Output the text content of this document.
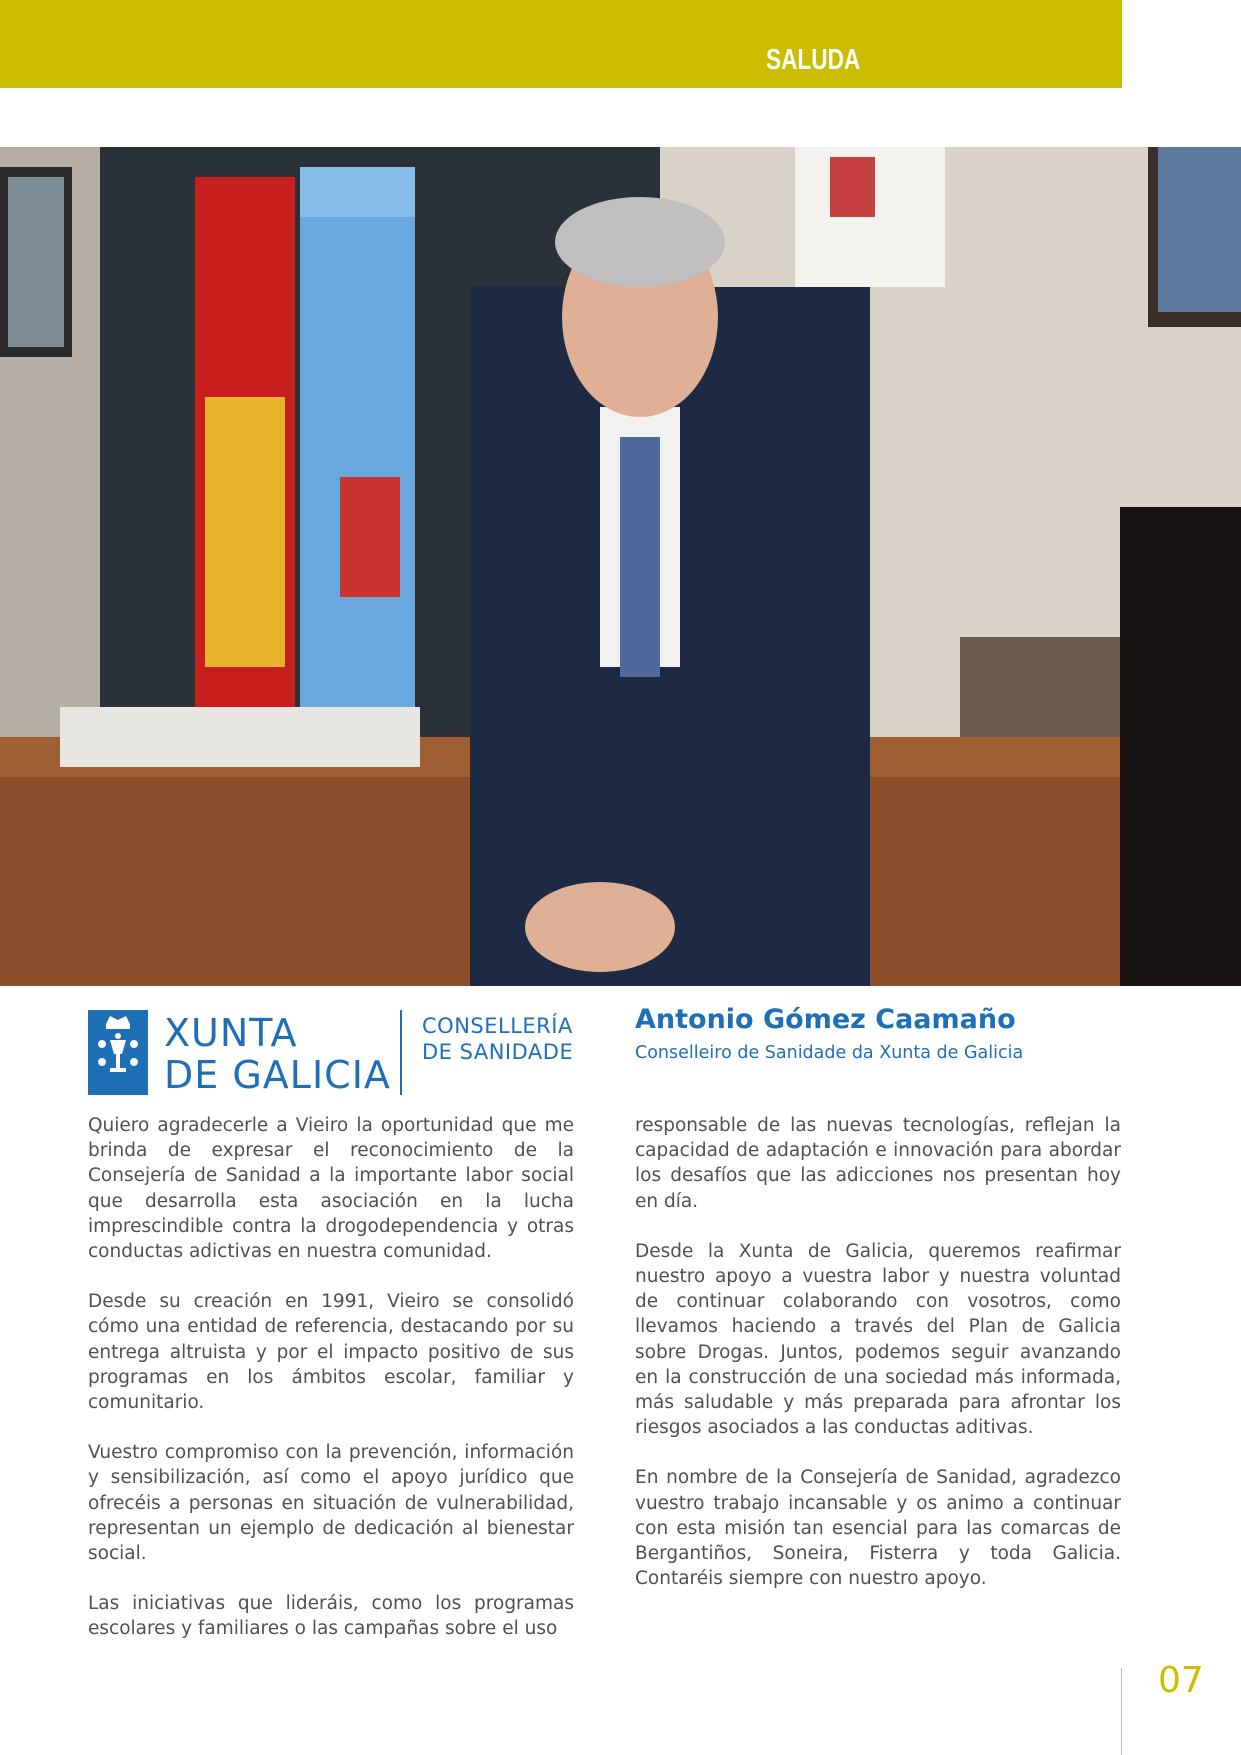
SALUDA
XUNTA
DE GALICIA
CONSELLERÍA
DE SANIDADE
Antonio Gómez Caamaño
Conselleiro de Sanidade da Xunta de Galicia

Quiero agradecerle a Vieiro la oportunidad que me brinda de expresar el reconocimiento de la Consejería de Sanidad a la importante labor social que desarrolla esta asociación en la lucha imprescindible contra la drogodependencia y otras conductas adictivas en nuestra comunidad.

Desde su creación en 1991, Vieiro se consolidó cómo una entidad de referencia, destacando por su entrega altruista y por el impacto positivo de sus programas en los ámbitos escolar, familiar y comunitario.

Vuestro compromiso con la prevención, información y sensibilización, así como el apoyo jurídico que ofrecéis a personas en situación de vulnerabilidad, representan un ejemplo de dedicación al bienestar social.

Las iniciativas que lideráis, como los programas escolares y familiares o las campañas sobre el uso

responsable de las nuevas tecnologías, reflejan la capacidad de adaptación e innovación para abordar los desafíos que las adicciones nos presentan hoy en día.

Desde la Xunta de Galicia, queremos reafirmar nuestro apoyo a vuestra labor y nuestra voluntad de continuar colaborando con vosotros, como llevamos haciendo a través del Plan de Galicia sobre Drogas. Juntos, podemos seguir avanzando en la construcción de una sociedad más informada, más saludable y más preparada para afrontar los riesgos asociados a las conductas aditivas.

En nombre de la Consejería de Sanidad, agradezco vuestro trabajo incansable y os animo a continuar con esta misión tan esencial para las comarcas de Bergantiños, Soneira, Fisterra y toda Galicia. Contaréis siempre con nuestro apoyo.

07
